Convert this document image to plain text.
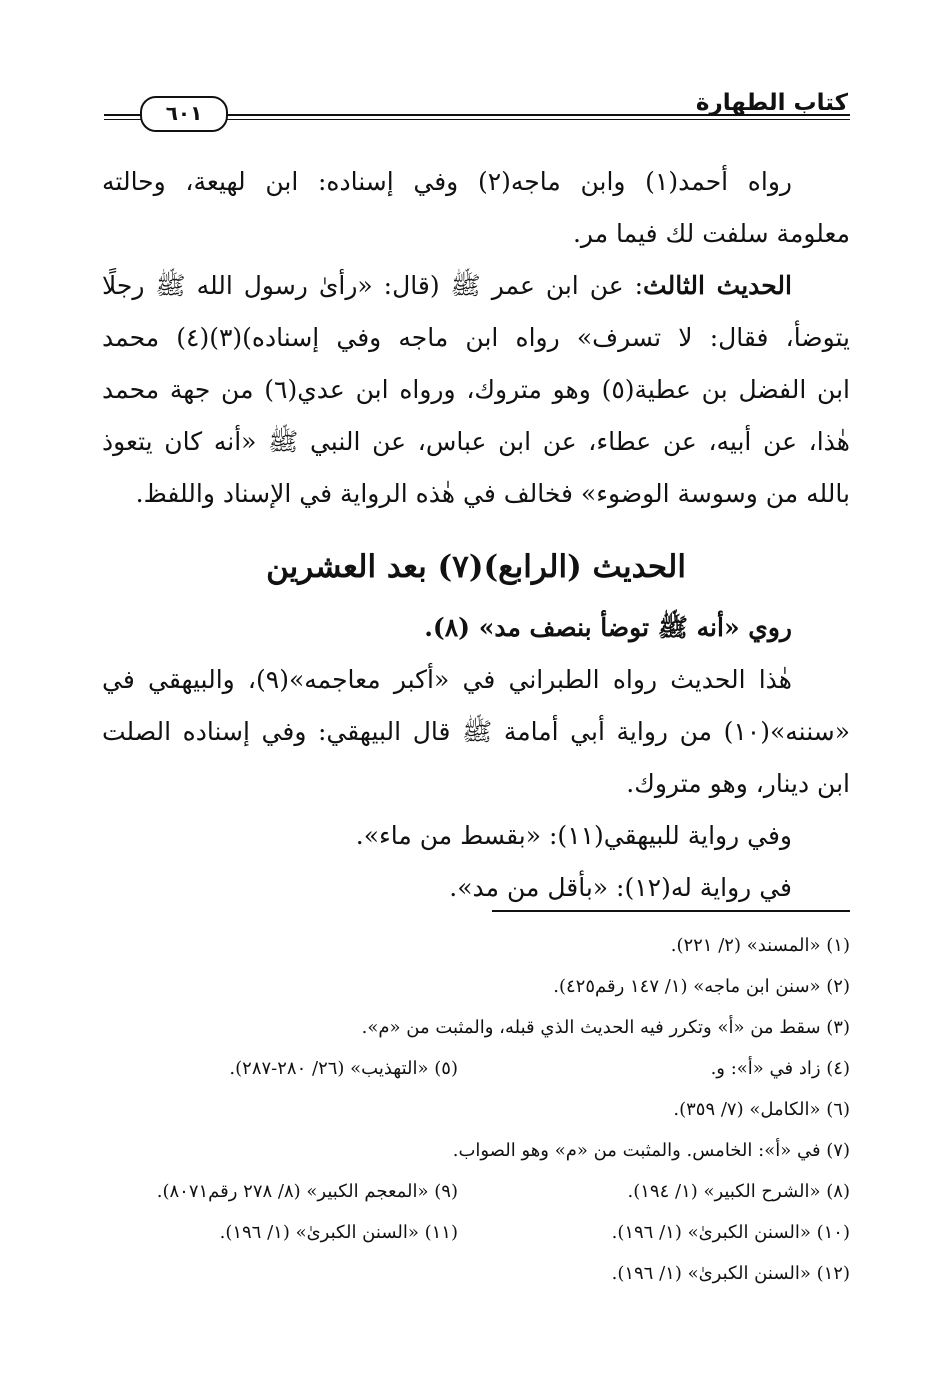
كتاب الطهارة
٦٠١
رواه أحمد(١) وابن ماجه(٢) وفي إسناده: ابن لهيعة، وحالته
معلومة سلفت لك فيما مر.
الحديث الثالث: عن ابن عمر ﷺ (قال: «رأىٰ رسول الله ﷺ رجلًا
يتوضأ، فقال: لا تسرف» رواه ابن ماجه وفي إسناده)(٣)(٤) محمد
ابن الفضل بن عطية(٥) وهو متروك، ورواه ابن عدي(٦) من جهة محمد
هٰذا، عن أبيه، عن عطاء، عن ابن عباس، عن النبي ﷺ «أنه كان يتعوذ
بالله من وسوسة الوضوء» فخالف في هٰذه الرواية في الإسناد واللفظ.
الحديث (الرابع)(٧) بعد العشرين
روي «أنه ﷺ توضأ بنصف مد» (٨).
هٰذا الحديث رواه الطبراني في «أكبر معاجمه»(٩)، والبيهقي في
«سننه»(١٠) من رواية أبي أمامة ﷺ قال البيهقي: وفي إسناده الصلت
ابن دينار، وهو متروك.
وفي رواية للبيهقي(١١): «بقسط من ماء».
في رواية له(١٢): «بأقل من مد».
(١) «المسند» (٢/ ٢٢١).
(٢) «سنن ابن ماجه» (١/ ١٤٧ رقم٤٢٥).
(٣) سقط من «أ» وتكرر فيه الحديث الذي قبله، والمثبت من «م».
(٤) زاد في «أ»: و.
(٥) «التهذيب» (٢٦/ ٢٨٠-٢٨٧).
(٦) «الكامل» (٧/ ٣٥٩).
(٧) في «أ»: الخامس. والمثبت من «م» وهو الصواب.
(٨) «الشرح الكبير» (١/ ١٩٤).
(٩) «المعجم الكبير» (٨/ ٢٧٨ رقم٨٠٧١).
(١٠) «السنن الكبرىٰ» (١/ ١٩٦).
(١١) «السنن الكبرىٰ» (١/ ١٩٦).
(١٢) «السنن الكبرىٰ» (١/ ١٩٦).
